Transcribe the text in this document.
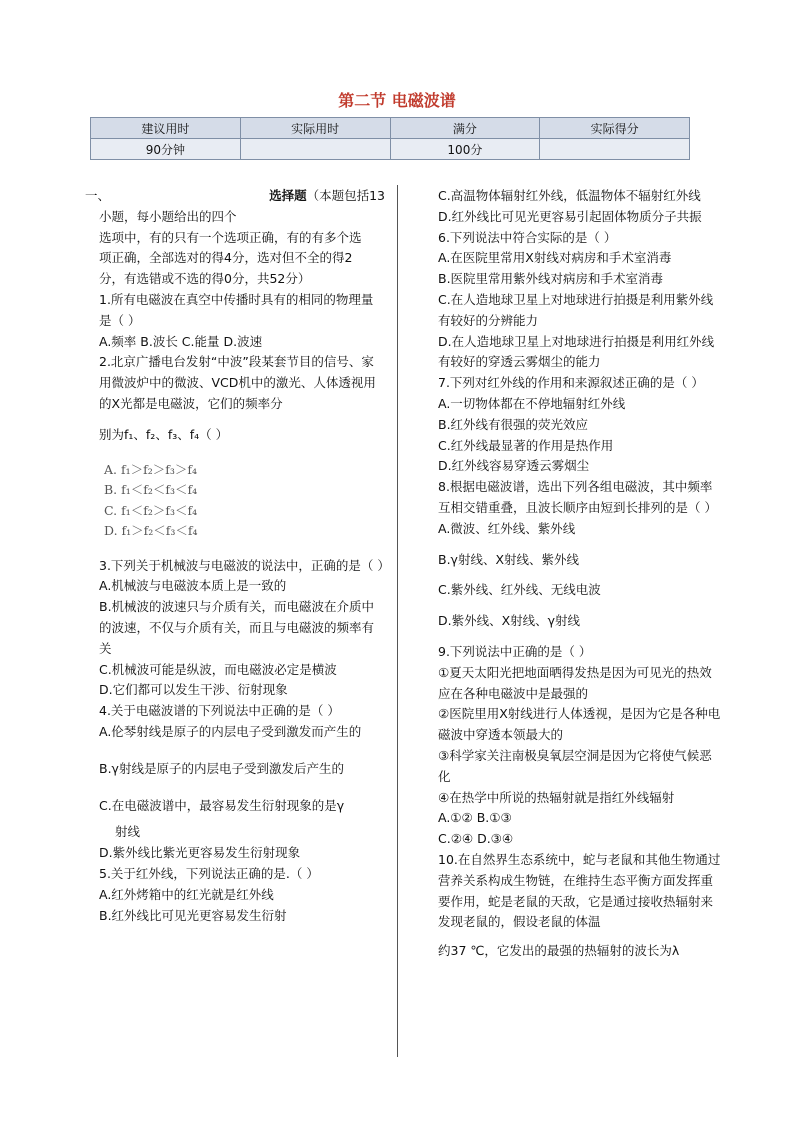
第二节 电磁波谱
建议用时	实际用时	满分	实际得分
90分钟		100分	
一、	选择题（本题包括13

小题，每小题给出的四个

选项中，有的只有一个选项正确，有的有多个选

项正确，全部选对的得4分，选对但不全的得2

分，有选错或不选的得0分，共52分）

1.所有电磁波在真空中传播时具有的相同的物理量是（ ）

A.频率 B.波长 C.能量 D.波速

2.北京广播电台发射“中波”段某套节目的信号、家用微波炉中的微波、VCD机中的激光、人体透视用的X光都是电磁波，它们的频率分

别为f₁、f₂、f₃、f₄（ ）

A. f₁＞f₂＞f₃＞f₄
B. f₁＜f₂＜f₃＜f₄
C. f₁＜f₂＞f₃＜f₄
D. f₁＞f₂＜f₃＜f₄

3.下列关于机械波与电磁波的说法中，正确的是（ ）

A.机械波与电磁波本质上是一致的

B.机械波的波速只与介质有关，而电磁波在介质中的波速，不仅与介质有关，而且与电磁波的频率有关

C.机械波可能是纵波，而电磁波必定是横波

D.它们都可以发生干涉、衍射现象

4.关于电磁波谱的下列说法中正确的是（ ）

A.伦琴射线是原子的内层电子受到激发而产生的

B.γ射线是原子的内层电子受到激发后产生的

C.在电磁波谱中，最容易发生衍射现象的是γ

射线

D.紫外线比紫光更容易发生衍射现象

5.关于红外线，下列说法正确的是.（ ）

A.红外烤箱中的红光就是红外线

B.红外线比可见光更容易发生衍射

C.高温物体辐射红外线，低温物体不辐射红外线

D.红外线比可见光更容易引起固体物质分子共振

6.下列说法中符合实际的是（ ）

A.在医院里常用X射线对病房和手术室消毒

B.医院里常用紫外线对病房和手术室消毒

C.在人造地球卫星上对地球进行拍摄是利用紫外线有较好的分辨能力

D.在人造地球卫星上对地球进行拍摄是利用红外线有较好的穿透云雾烟尘的能力

7.下列对红外线的作用和来源叙述正确的是（ ）

A.一切物体都在不停地辐射红外线

B.红外线有很强的荧光效应

C.红外线最显著的作用是热作用

D.红外线容易穿透云雾烟尘

8.根据电磁波谱，选出下列各组电磁波，其中频率互相交错重叠，且波长顺序由短到长排列的是（ ）

A.微波、红外线、紫外线

B.γ射线、X射线、紫外线

C.紫外线、红外线、无线电波

D.紫外线、X射线、γ射线

9.下列说法中正确的是（ ）

①夏天太阳光把地面晒得发热是因为可见光的热效应在各种电磁波中是最强的

②医院里用X射线进行人体透视，是因为它是各种电磁波中穿透本领最大的

③科学家关注南极臭氧层空洞是因为它将使气候恶化

④在热学中所说的热辐射就是指红外线辐射

A.①② B.①③

C.②④ D.③④

10.在自然界生态系统中，蛇与老鼠和其他生物通过营养关系构成生物链，在维持生态平衡方面发挥重要作用，蛇是老鼠的天敌，它是通过接收热辐射来发现老鼠的，假设老鼠的体温

约37 ℃，它发出的最强的热辐射的波长为λ
